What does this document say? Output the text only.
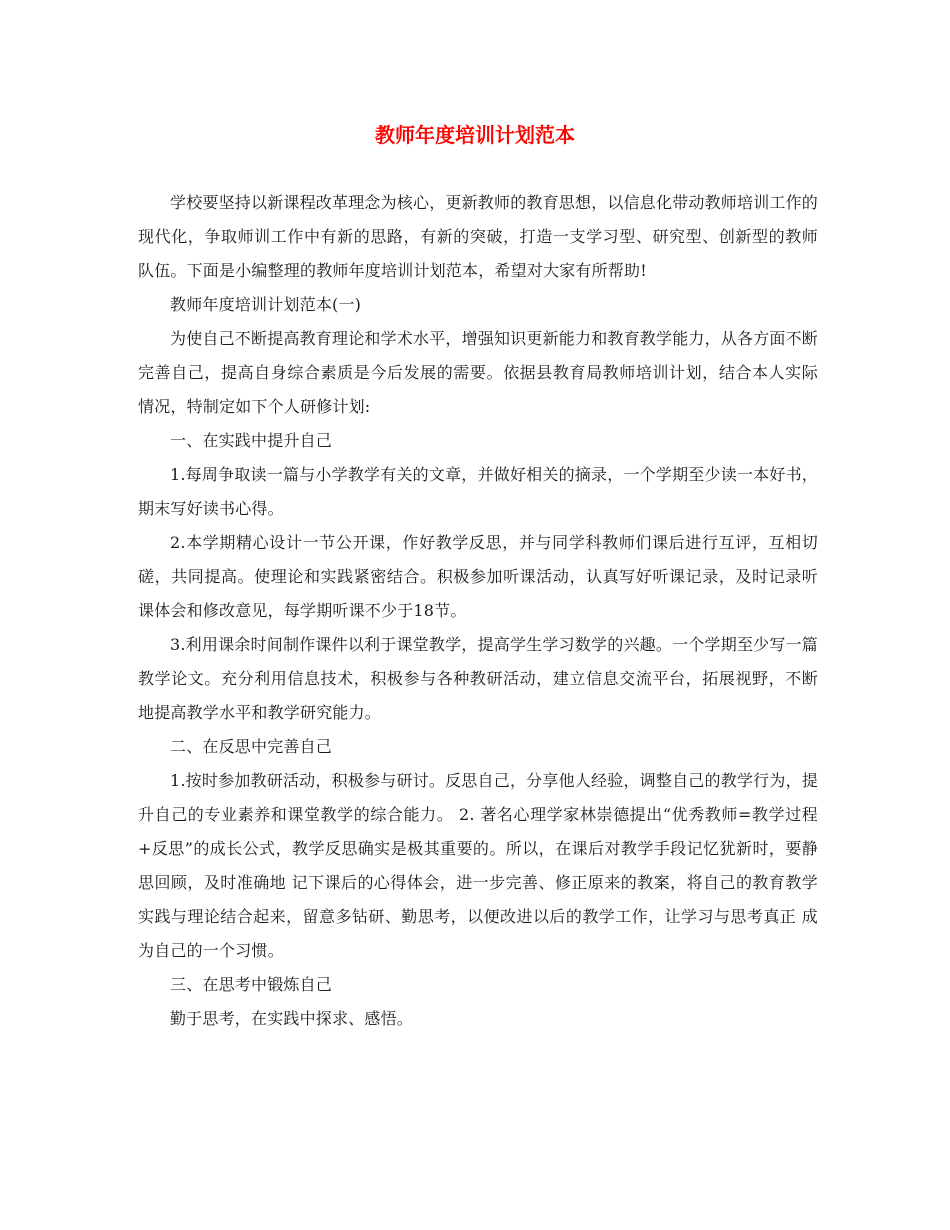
教师年度培训计划范本

学校要坚持以新课程改革理念为核心，更新教师的教育思想，以信息化带动教师培训工作的现代化，争取师训工作中有新的思路，有新的突破，打造一支学习型、研究型、创新型的教师队伍。下面是小编整理的教师年度培训计划范本，希望对大家有所帮助!

教师年度培训计划范本(一)

为使自己不断提高教育理论和学术水平，增强知识更新能力和教育教学能力，从各方面不断完善自己，提高自身综合素质是今后发展的需要。依据县教育局教师培训计划，结合本人实际情况，特制定如下个人研修计划:

一、在实践中提升自己

1.每周争取读一篇与小学教学有关的文章，并做好相关的摘录，一个学期至少读一本好书，期末写好读书心得。

2.本学期精心设计一节公开课，作好教学反思，并与同学科教师们课后进行互评，互相切磋，共同提高。使理论和实践紧密结合。积极参加听课活动，认真写好听课记录，及时记录听课体会和修改意见，每学期听课不少于18节。

3.利用课余时间制作课件以利于课堂教学，提高学生学习数学的兴趣。一个学期至少写一篇教学论文。充分利用信息技术，积极参与各种教研活动，建立信息交流平台，拓展视野，不断地提高教学水平和教学研究能力。

二、在反思中完善自己

1.按时参加教研活动，积极参与研讨。反思自己，分享他人经验，调整自己的教学行为，提升自己的专业素养和课堂教学的综合能力。 2. 著名心理学家林崇德提出“优秀教师=教学过程+反思”的成长公式，教学反思确实是极其重要的。所以，在课后对教学手段记忆犹新时，要静思回顾，及时准确地 记下课后的心得体会，进一步完善、修正原来的教案，将自己的教育教学实践与理论结合起来，留意多钻研、勤思考，以便改进以后的教学工作，让学习与思考真正 成为自己的一个习惯。

三、在思考中锻炼自己

勤于思考，在实践中探求、感悟。
